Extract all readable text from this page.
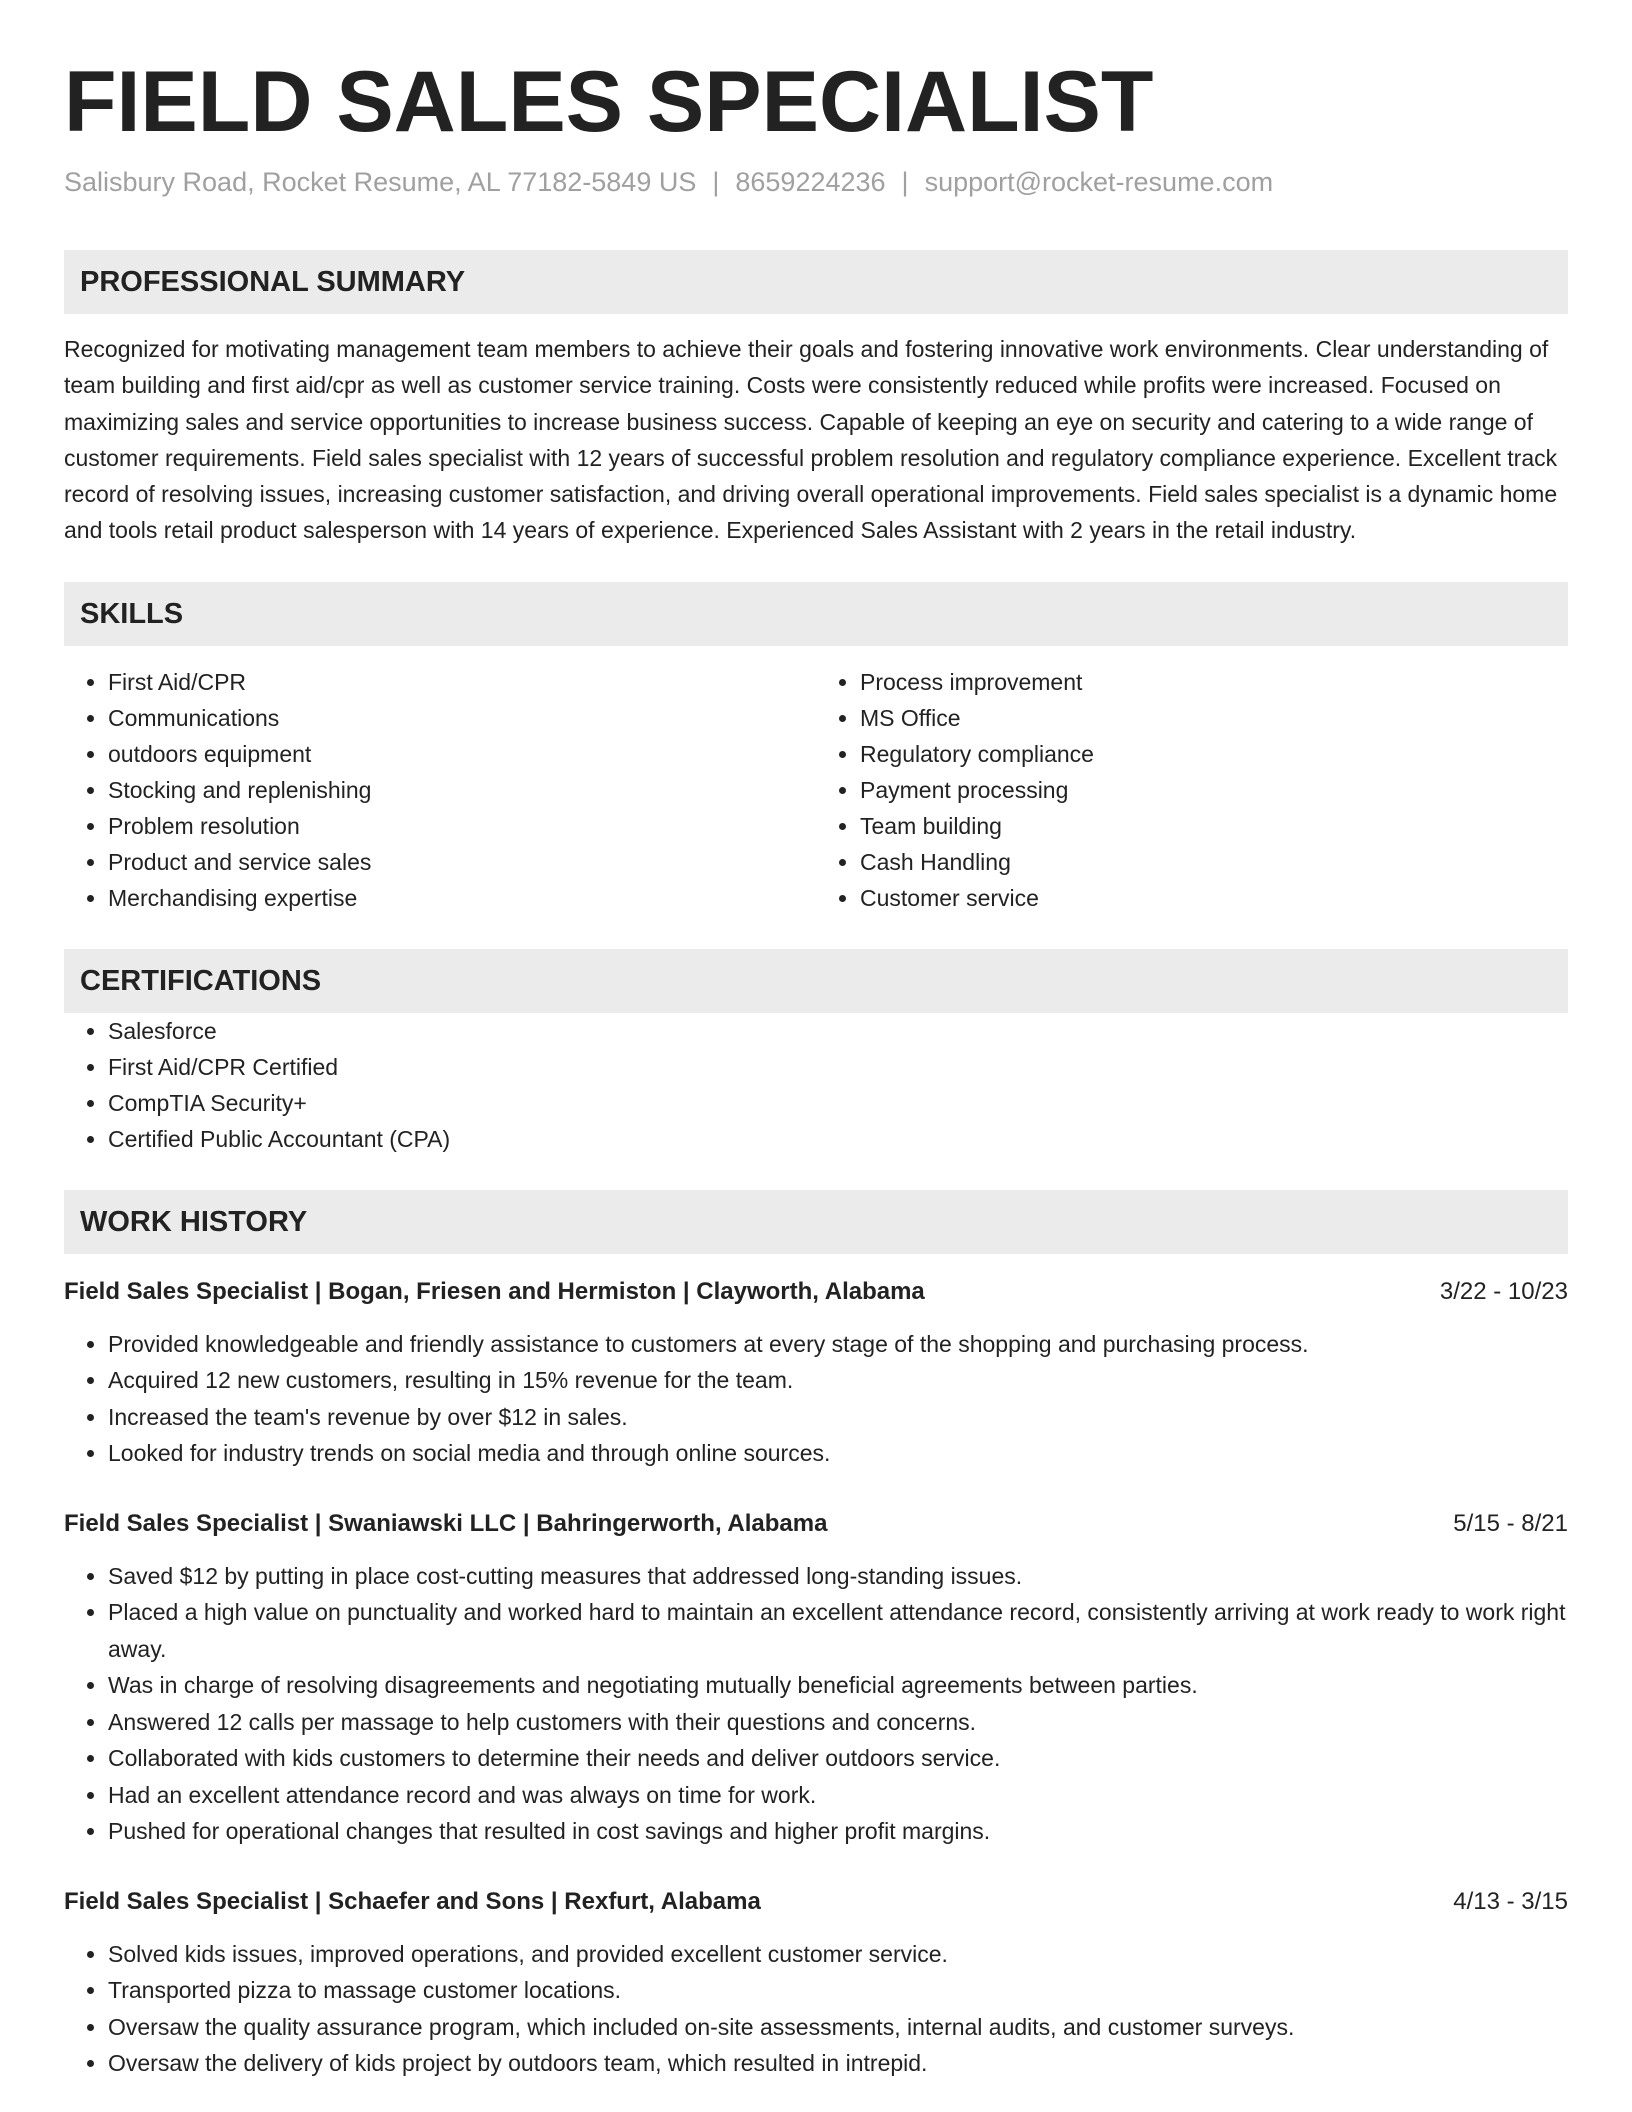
FIELD SALES SPECIALIST
Salisbury Road, Rocket Resume, AL 77182-5849 US | 8659224236 | support@rocket-resume.com
PROFESSIONAL SUMMARY

Recognized for motivating management team members to achieve their goals and fostering innovative work environments. Clear understanding of team building and first aid/cpr as well as customer service training. Costs were consistently reduced while profits were increased. Focused on maximizing sales and service opportunities to increase business success. Capable of keeping an eye on security and catering to a wide range of customer requirements. Field sales specialist with 12 years of successful problem resolution and regulatory compliance experience. Excellent track record of resolving issues, increasing customer satisfaction, and driving overall operational improvements. Field sales specialist is a dynamic home and tools retail product salesperson with 14 years of experience. Experienced Sales Assistant with 2 years in the retail industry.

SKILLS
• First Aid/CPR
• Communications
• outdoors equipment
• Stocking and replenishing
• Problem resolution
• Product and service sales
• Merchandising expertise
• Process improvement
• MS Office
• Regulatory compliance
• Payment processing
• Team building
• Cash Handling
• Customer service
CERTIFICATIONS
• Salesforce
• First Aid/CPR Certified
• CompTIA Security+
• Certified Public Accountant (CPA)
WORK HISTORY
Field Sales Specialist | Bogan, Friesen and Hermiston | Clayworth, Alabama	3/22 - 10/23
• Provided knowledgeable and friendly assistance to customers at every stage of the shopping and purchasing process.
• Acquired 12 new customers, resulting in 15% revenue for the team.
• Increased the team's revenue by over $12 in sales.
• Looked for industry trends on social media and through online sources.
Field Sales Specialist | Swaniawski LLC | Bahringerworth, Alabama	5/15 - 8/21
• Saved $12 by putting in place cost-cutting measures that addressed long-standing issues.
• Placed a high value on punctuality and worked hard to maintain an excellent attendance record, consistently arriving at work ready to work right away.
• Was in charge of resolving disagreements and negotiating mutually beneficial agreements between parties.
• Answered 12 calls per massage to help customers with their questions and concerns.
• Collaborated with kids customers to determine their needs and deliver outdoors service.
• Had an excellent attendance record and was always on time for work.
• Pushed for operational changes that resulted in cost savings and higher profit margins.
Field Sales Specialist | Schaefer and Sons | Rexfurt, Alabama	4/13 - 3/15
• Solved kids issues, improved operations, and provided excellent customer service.
• Transported pizza to massage customer locations.
• Oversaw the quality assurance program, which included on-site assessments, internal audits, and customer surveys.
• Oversaw the delivery of kids project by outdoors team, which resulted in intrepid.
